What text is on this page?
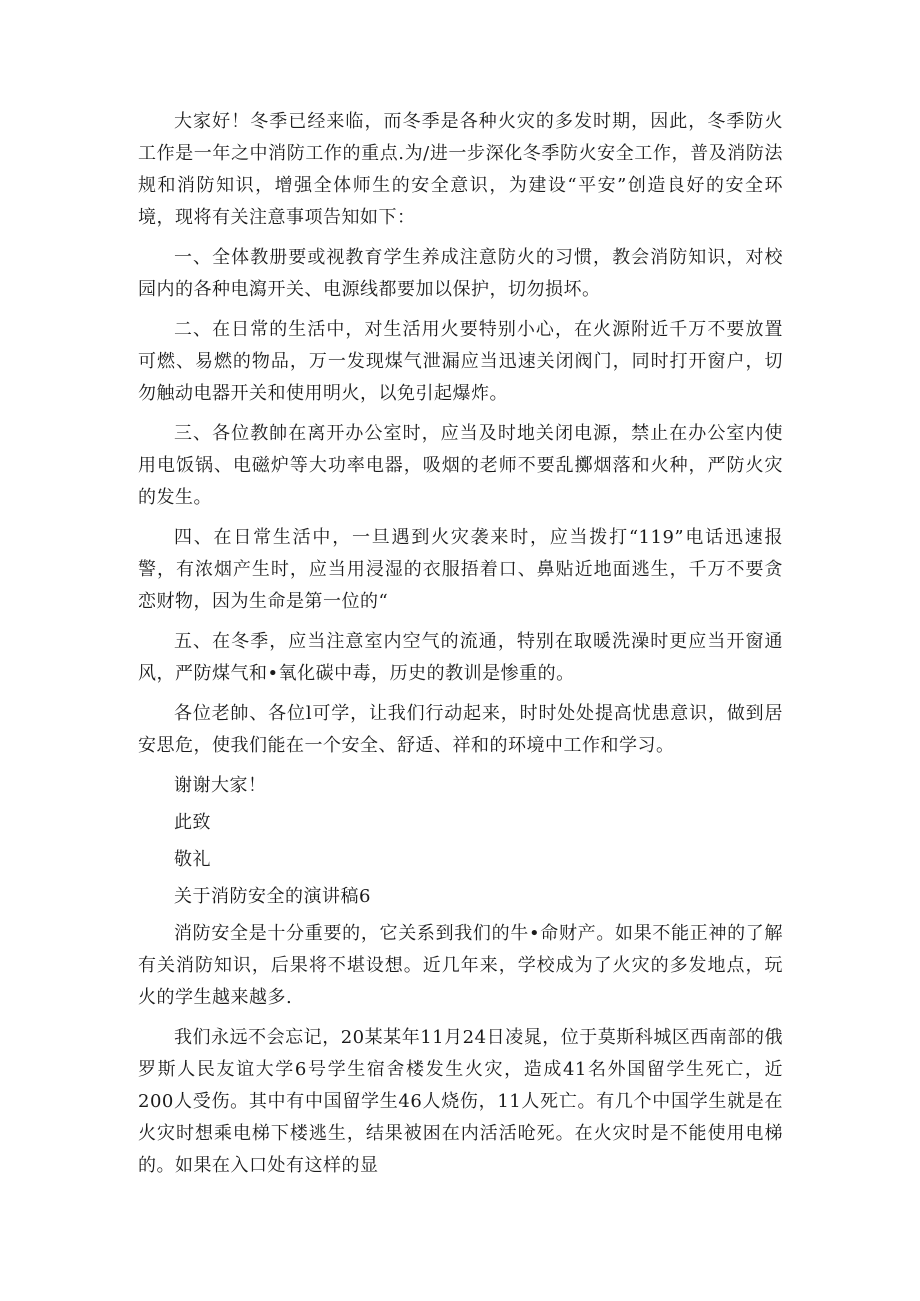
大家好！冬季已经来临，而冬季是各种火灾的多发时期，因此，冬季防火工作是一年之中消防工作的重点.为/进一步深化冬季防火安全工作，普及消防法规和消防知识，增强全体师生的安全意识，为建设“平安”创造良好的安全环境，现将有关注意事项告知如下：

一、全体教册要或视教育学生养成注意防火的习惯，教会消防知识，对校园内的各种电瀉开关、电源线都要加以保护，切勿损坏。

二、在日常的生活中，对生活用火要特别小心，在火源附近千万不要放置可燃、易燃的物品，万一发现煤气泄漏应当迅速关闭阀门，同时打开窗户，切勿触动电器开关和使用明火，以免引起爆炸。

三、各位教帥在离开办公室时，应当及时地关闭电源，禁止在办公室内使用电饭锅、电磁炉等大功率电器，吸烟的老师不要乱擲烟落和火种，严防火灾的发生。

四、在日常生活中，一旦遇到火灾袭来时，应当拨打“119”电话迅速报警，有浓烟产生时，应当用浸湿的衣服捂着口、鼻贴近地面逃生，千万不要贪恋财物，因为生命是第一位的“

五、在冬季，应当注意室内空气的流通，特别在取暖洗澡时更应当开窗通风，严防煤气和•氧化碳中毒，历史的教训是惨重的。

各位老帥、各位l可学，让我们行动起来，时时处处提高忧患意识，做到居安思危，使我们能在一个安全、舒适、祥和的环境中工作和学习。

谢谢大家！

此致

敬礼

关于消防安全的演讲稿6

消防安全是十分重要的，它关系到我们的牛•命财产。如果不能正神的了解有关消防知识，后果将不堪设想。近几年来，学校成为了火灾的多发地点，玩火的学生越来越多.

我们永远不会忘记，20某某年11月24日凌晁，位于莫斯科城区西南部的俄罗斯人民友谊大学6号学生宿舍楼发生火灾，造成41名外国留学生死亡，近200人受伤。其中有中国留学生46人烧伤，11人死亡。有几个中国学生就是在火灾时想乘电梯下楼逃生，结果被困在内活活呛死。在火灾时是不能使用电梯的。如果在入口处有这样的显
